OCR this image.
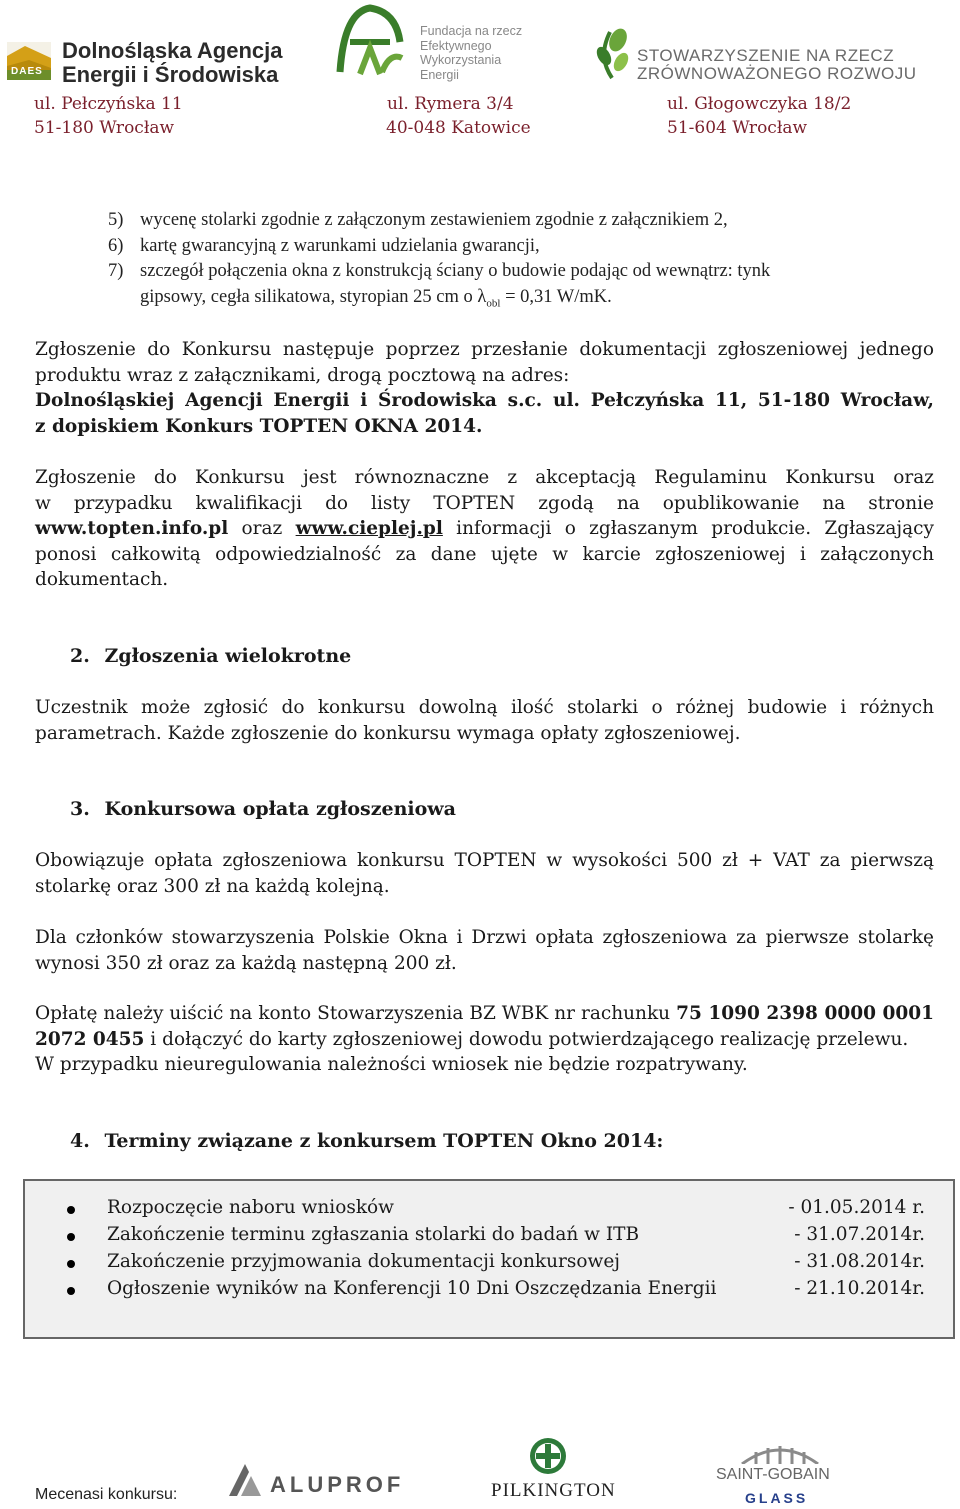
DAES
Dolnośląska Agencja
Energii i Środowiska
ul. Pełczyńska 11
51-180 Wrocław
Fundacja na rzecz
Efektywnego
Wykorzystania
Energii
ul. Rymera 3/4
40-048 Katowice
STOWARZYSZENIE NA RZECZ
ZRÓWNOWAŻONEGO ROZWOJU
ul. Głogowczyka 18/2
51-604 Wrocław
5) wycenę stolarki zgodnie z załączonym zestawieniem zgodnie z załącznikiem 2,
6) kartę gwarancyjną z warunkami udzielania gwarancji,
7) szczegół połączenia okna z konstrukcją ściany o budowie podając od wewnątrz: tynk
gipsowy, cegła silikatowa, styropian 25 cm o $\lambda_{obl} = 0,31$ W/mK.
Zgłoszenie do Konkursu następuje poprzez przesłanie dokumentacji zgłoszeniowej jednego
produktu wraz z załącznikami, drogą pocztową na adres:
Dolnośląskiej Agencji Energii i Środowiska s.c. ul. Pełczyńska 11, 51-180 Wrocław,
z dopiskiem Konkurs TOPTEN OKNA 2014.
Zgłoszenie do Konkursu jest równoznaczne z akceptacją Regulaminu Konkursu oraz
w przypadku kwalifikacji do listy TOPTEN zgodą na opublikowanie na stronie
www.topten.info.pl oraz www.cieplej.pl informacji o zgłaszanym produkcie. Zgłaszający
ponosi całkowitą odpowiedzialność za dane ujęte w karcie zgłoszeniowej i załączonych
dokumentach.
2. Zgłoszenia wielokrotne
Uczestnik może zgłosić do konkursu dowolną ilość stolarki o różnej budowie i różnych
parametrach. Każde zgłoszenie do konkursu wymaga opłaty zgłoszeniowej.
3. Konkursowa opłata zgłoszeniowa
Obowiązuje opłata zgłoszeniowa konkursu TOPTEN w wysokości 500 zł + VAT za pierwszą
stolarkę oraz 300 zł na każdą kolejną.
Dla członków stowarzyszenia Polskie Okna i Drzwi opłata zgłoszeniowa za pierwsze stolarkę
wynosi 350 zł oraz za każdą następną 200 zł.
Opłatę należy uiścić na konto Stowarzyszenia BZ WBK nr rachunku 75 1090 2398 0000 0001
2072 0455 i dołączyć do karty zgłoszeniowej dowodu potwierdzającego realizację przelewu.
W przypadku nieuregulowania należności wniosek nie będzie rozpatrywany.
4. Terminy związane z konkursem TOPTEN Okno 2014:
Rozpoczęcie naboru wniosków	- 01.05.2014 r.
Zakończenie terminu zgłaszania stolarki do badań w ITB	- 31.07.2014r.
Zakończenie przyjmowania dokumentacji konkursowej	- 31.08.2014r.
Ogłoszenie wyników na Konferencji 10 Dni Oszczędzania Energii	- 21.10.2014r.
Mecenasi konkursu:	ALUPROF	PILKINGTON
SAINT-GOBAIN
GLASS
